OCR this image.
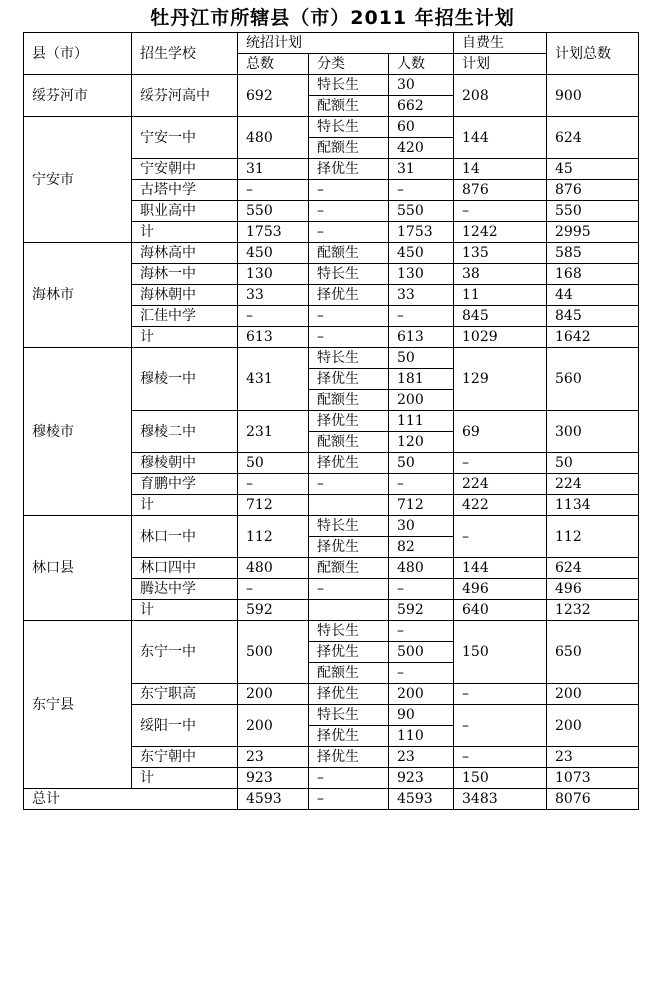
牡丹江市所辖县（市）2011 年招生计划
县（市）	招生学校	统招计划			自费生	计划总数
		总数	分类	人数	计划	
绥芬河市	绥芬河高中	692	特长生	30	208	900
			配额生	662		
宁安市	宁安一中	480	特长生	60	144	624
			配额生	420		
	宁安朝中	31	择优生	31	14	45
	古塔中学	–	–	–	876	876
	职业高中	550	–	550	–	550
	计	1753	–	1753	1242	2995
海林市	海林高中	450	配额生	450	135	585
	海林一中	130	特长生	130	38	168
	海林朝中	33	择优生	33	11	44
	汇佳中学	–	–	–	845	845
	计	613	–	613	1029	1642
穆棱市	穆棱一中	431	特长生	50	129	560
			择优生	181		
			配额生	200		
	穆棱二中	231	择优生	111	69	300
			配额生	120		
	穆棱朝中	50	择优生	50	–	50
	育鹏中学	–	–	–	224	224
	计	712		712	422	1134
林口县	林口一中	112	特长生	30	–	112
			择优生	82		
	林口四中	480	配额生	480	144	624
	腾达中学	–	–	–	496	496
	计	592		592	640	1232
东宁县	东宁一中	500	特长生	–	150	650
			择优生	500		
			配额生	–		
	东宁职高	200	择优生	200	–	200
	绥阳一中	200	特长生	90	–	200
			择优生	110		
	东宁朝中	23	择优生	23	–	23
	计	923	–	923	150	1073
总计		4593	–	4593	3483	8076
